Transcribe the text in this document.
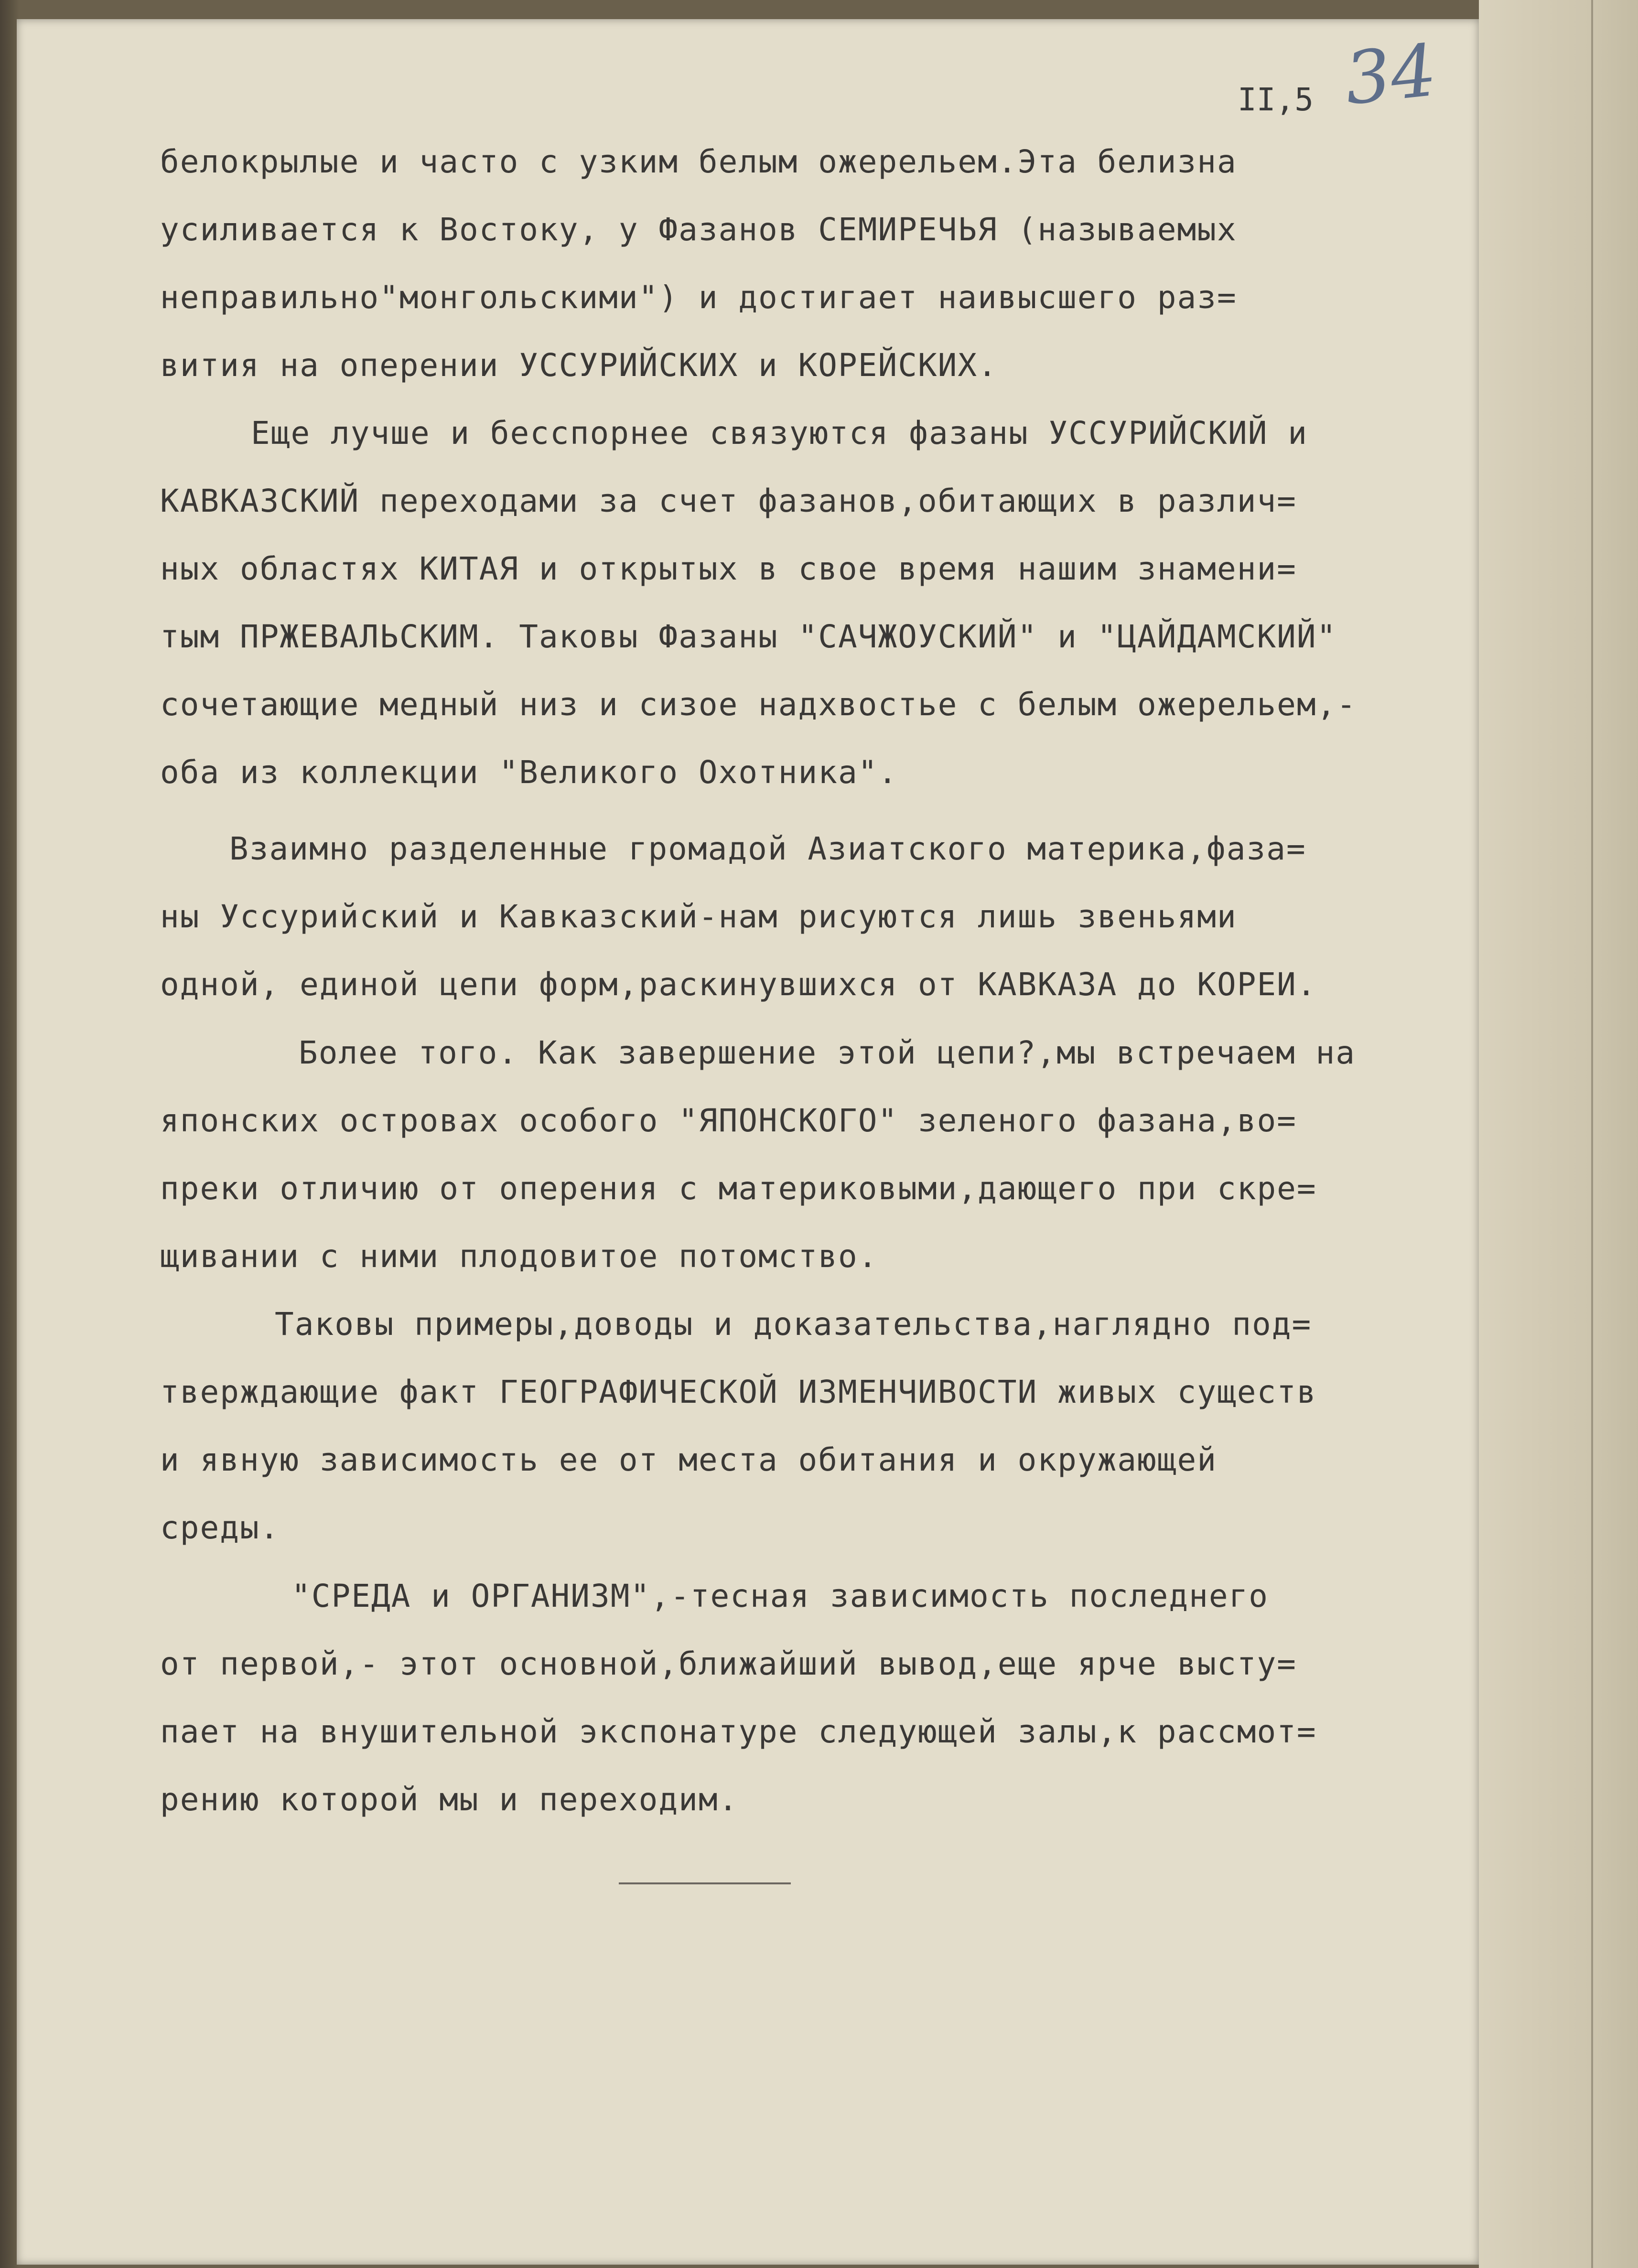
34
II,5
белокрылые и часто с узким белым ожерельем.Эта белизна
усиливается к Востоку, у Фазанов СЕМИРЕЧЬЯ (называемых
неправильно"монгольскими") и достигает наивысшего раз=
вития на оперении УССУРИЙСКИХ и КОРЕЙСКИХ.
Еще лучше и бесспорнее связуются фазаны УССУРИЙСКИЙ и
КАВКАЗСКИЙ переходами за счет фазанов,обитающих в различ=
ных областях КИТАЯ и открытых в свое время нашим знамени=
тым ПРЖЕВАЛЬСКИМ. Таковы Фазаны "САЧЖОУСКИЙ" и "ЦАЙДАМСКИЙ"
сочетающие медный низ и сизое надхвостье с белым ожерельем,-
оба из коллекции "Великого Охотника".
Взаимно разделенные громадой Азиатского материка,фаза=
ны Уссурийский и Кавказский-нам рисуются лишь звеньями
одной, единой цепи форм,раскинувшихся от КАВКАЗА до КОРЕИ.
Более того. Как завершение этой цепи?,мы встречаем на
японских островах особого "ЯПОНСКОГО" зеленого фазана,во=
преки отличию от оперения с материковыми,дающего при скре=
щивании с ними плодовитое потомство.
Таковы примеры,доводы и доказательства,наглядно под=
тверждающие факт ГЕОГРАФИЧЕСКОЙ ИЗМЕНЧИВОСТИ живых существ
и явную зависимость ее от места обитания и окружающей
среды.
"СРЕДА и ОРГАНИЗМ",-тесная зависимость последнего
от первой,- этот основной,ближайший вывод,еще ярче высту=
пает на внушительной экспонатуре следующей залы,к рассмот=
рению которой мы и переходим.
